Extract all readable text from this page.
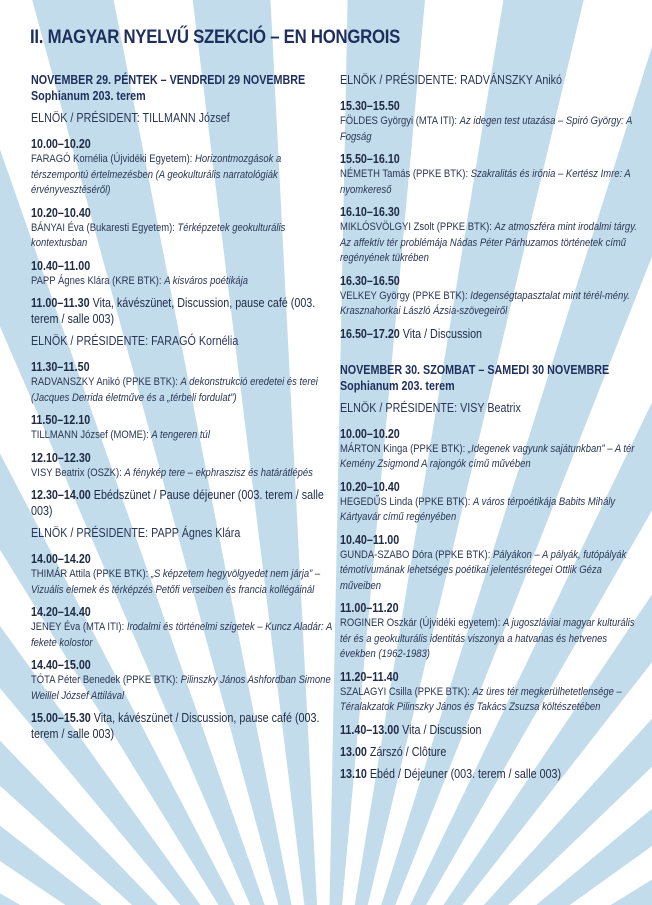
II. MAGYAR NYELVŰ SZEKCIÓ – EN HONGROIS
NOVEMBER 29. PÉNTEK – VENDREDI 29 NOVEMBRE
Sophianum 203. terem
ELNÖK / PRÉSIDENT: TILLMANN József
10.00–10.20
FARAGÓ Kornélia (Újvidéki Egyetem): Horizontmozgások a térszempontú értelmezésben (A geokulturális narratológiák érvényvesztéséről)
10.20–10.40
BÁNYAI Éva (Bukaresti Egyetem): Térképzetek geokulturális kontextusban
10.40–11.00
PAPP Ágnes Klára (KRE BTK): A kisváros poétikája
11.00–11.30 Vita, kávészünet, Discussion, pause café (003. terem / salle 003)
ELNÖK / PRÉSIDENTE: FARAGÓ Kornélia
11.30–11.50
RADVANSZKY Anikó (PPKE BTK): A dekonstrukció eredetei és terei (Jacques Derrida életműve és a „térbeli fordulat”)
11.50–12.10
TILLMANN József (MOME): A tengeren túl
12.10–12.30
VISY Beatrix (OSZK): A fénykép tere – ekphraszisz és határátlépés
12.30–14.00 Ebédszünet / Pause déjeuner (003. terem / salle 003)
ELNÖK / PRÉSIDENTE: PAPP Ágnes Klára
14.00–14.20
THIMÁR Attila (PPKE BTK): „S képzetem hegyvölgyedet nem járja” – Vizuális elemek és térképzés Petőfi verseiben és francia kollégáinál
14.20–14.40
JENEY Éva (MTA ITI): Irodalmi és történelmi szigetek – Kuncz Aladár: A fekete kolostor
14.40–15.00
TÓTA Péter Benedek (PPKE BTK): Pilinszky János Ashfordban Simone Weillel József Attilával
15.00–15.30 Vita, kávészünet / Discussion, pause café (003. terem / salle 003)
ELNÖK / PRÉSIDENTE: RADVÁNSZKY Anikó
15.30–15.50
FÖLDES Györgyi (MTA ITI): Az idegen test utazása – Spiró György: A Fogság
15.50–16.10
NÉMETH Tamás (PPKE BTK): Szakralitás és irónia – Kertész Imre: A nyomkereső
16.10–16.30
MIKLÓSVÖLGYI Zsolt (PPKE BTK): Az atmoszféra mint irodalmi tárgy. Az affektív tér problémája Nádas Péter Párhuzamos történetek című regényének tükrében
16.30–16.50
VELKEY György (PPKE BTK): Idegenségtapasztalat mint térél-mény. Krasznahorkai László Ázsia-szövegeiről
16.50–17.20 Vita / Discussion
NOVEMBER 30. SZOMBAT – SAMEDI 30 NOVEMBRE
Sophianum 203. terem
ELNÖK / PRÉSIDENTE: VISY Beatrix
10.00–10.20
MÁRTON Kinga (PPKE BTK): „Idegenek vagyunk sajátunkban” – A tér Kemény Zsigmond A rajongók című művében
10.20–10.40
HEGEDŰS Linda (PPKE BTK): A város térpoétikája Babits Mihály Kártyavár című regényében
10.40–11.00
GUNDA-SZABO Dóra (PPKE BTK): Pályákon – A pályák, futópályák témotívumának lehetséges poétikai jelentésrétegei Ottlik Géza műveiben
11.00–11.20
ROGINER Oszkár (Újvidéki egyetem): A jugoszláviai magyar kulturális tér és a geokulturális identitás viszonya a hatvanas és hetvenes években (1962-1983)
11.20–11.40
SZALAGYI Csilla (PPKE BTK): Az üres tér megkerülhetetlensége – Téralakzatok Pilinszky János és Takács Zsuzsa költészetében
11.40–13.00 Vita / Discussion
13.00 Zárszó / Clôture
13.10 Ebéd / Déjeuner (003. terem / salle 003)
